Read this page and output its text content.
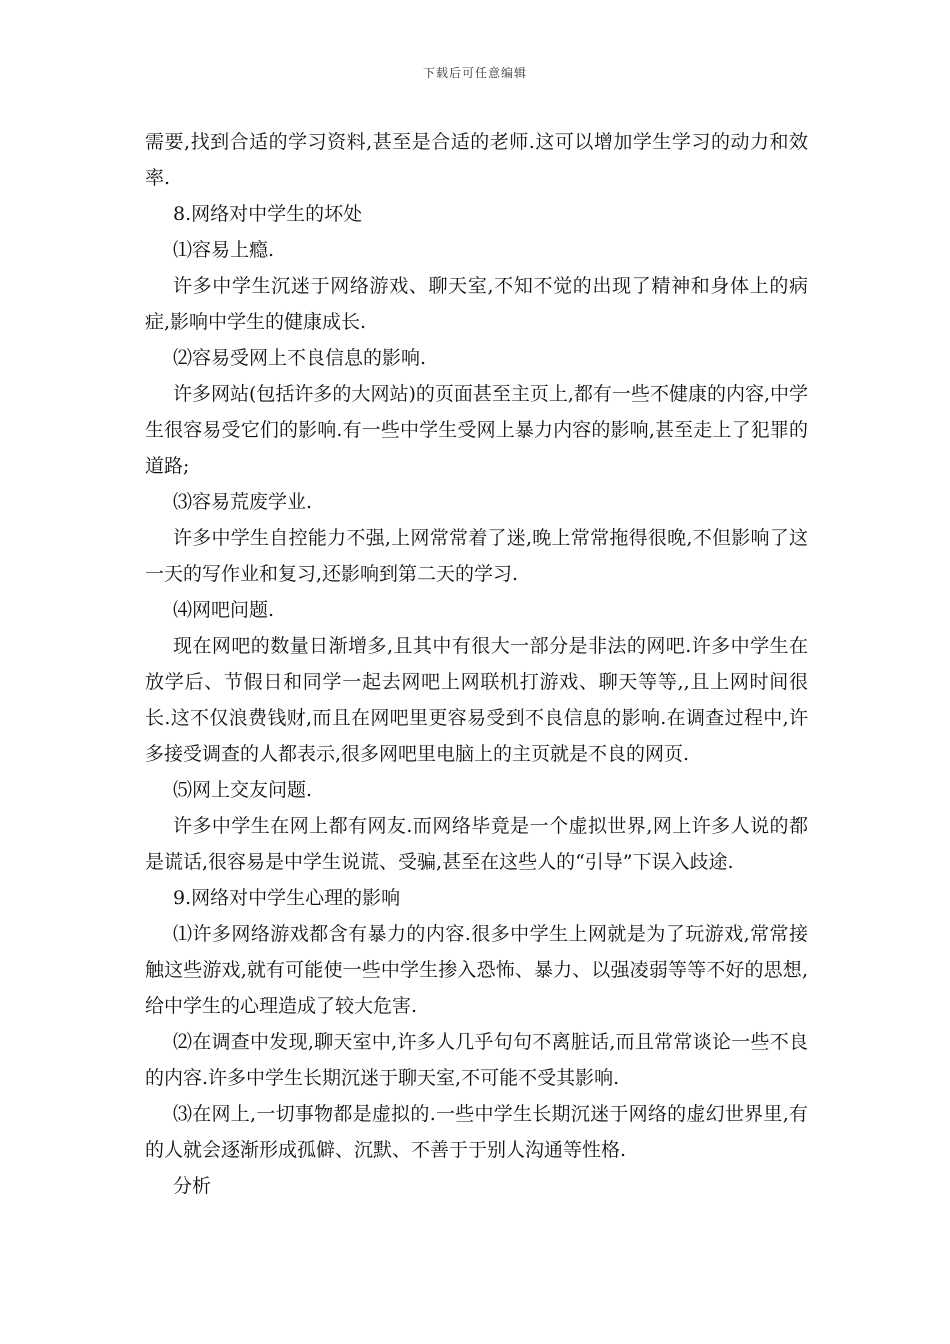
下载后可任意编辑

需要,找到合适的学习资料,甚至是合适的老师.这可以增加学生学习的动力和效率.

8.网络对中学生的坏处

⑴容易上瘾.

许多中学生沉迷于网络游戏、聊天室,不知不觉的出现了精神和身体上的病症,影响中学生的健康成长.

⑵容易受网上不良信息的影响.

许多网站(包括许多的大网站)的页面甚至主页上,都有一些不健康的内容,中学生很容易受它们的影响.有一些中学生受网上暴力内容的影响,甚至走上了犯罪的道路;

⑶容易荒废学业.

许多中学生自控能力不强,上网常常着了迷,晚上常常拖得很晚,不但影响了这一天的写作业和复习,还影响到第二天的学习.

⑷网吧问题.

现在网吧的数量日渐增多,且其中有很大一部分是非法的网吧.许多中学生在放学后、节假日和同学一起去网吧上网联机打游戏、聊天等等,,且上网时间很长.这不仅浪费钱财,而且在网吧里更容易受到不良信息的影响.在调查过程中,许多接受调查的人都表示,很多网吧里电脑上的主页就是不良的网页.

⑸网上交友问题.

许多中学生在网上都有网友.而网络毕竟是一个虚拟世界,网上许多人说的都是谎话,很容易是中学生说谎、受骗,甚至在这些人的“引导”下误入歧途.

9.网络对中学生心理的影响

⑴许多网络游戏都含有暴力的内容.很多中学生上网就是为了玩游戏,常常接触这些游戏,就有可能使一些中学生掺入恐怖、暴力、以强凌弱等等不好的思想,给中学生的心理造成了较大危害.

⑵在调查中发现,聊天室中,许多人几乎句句不离脏话,而且常常谈论一些不良的内容.许多中学生长期沉迷于聊天室,不可能不受其影响.

⑶在网上,一切事物都是虚拟的.一些中学生长期沉迷于网络的虚幻世界里,有的人就会逐渐形成孤僻、沉默、不善于于别人沟通等性格.

分析
